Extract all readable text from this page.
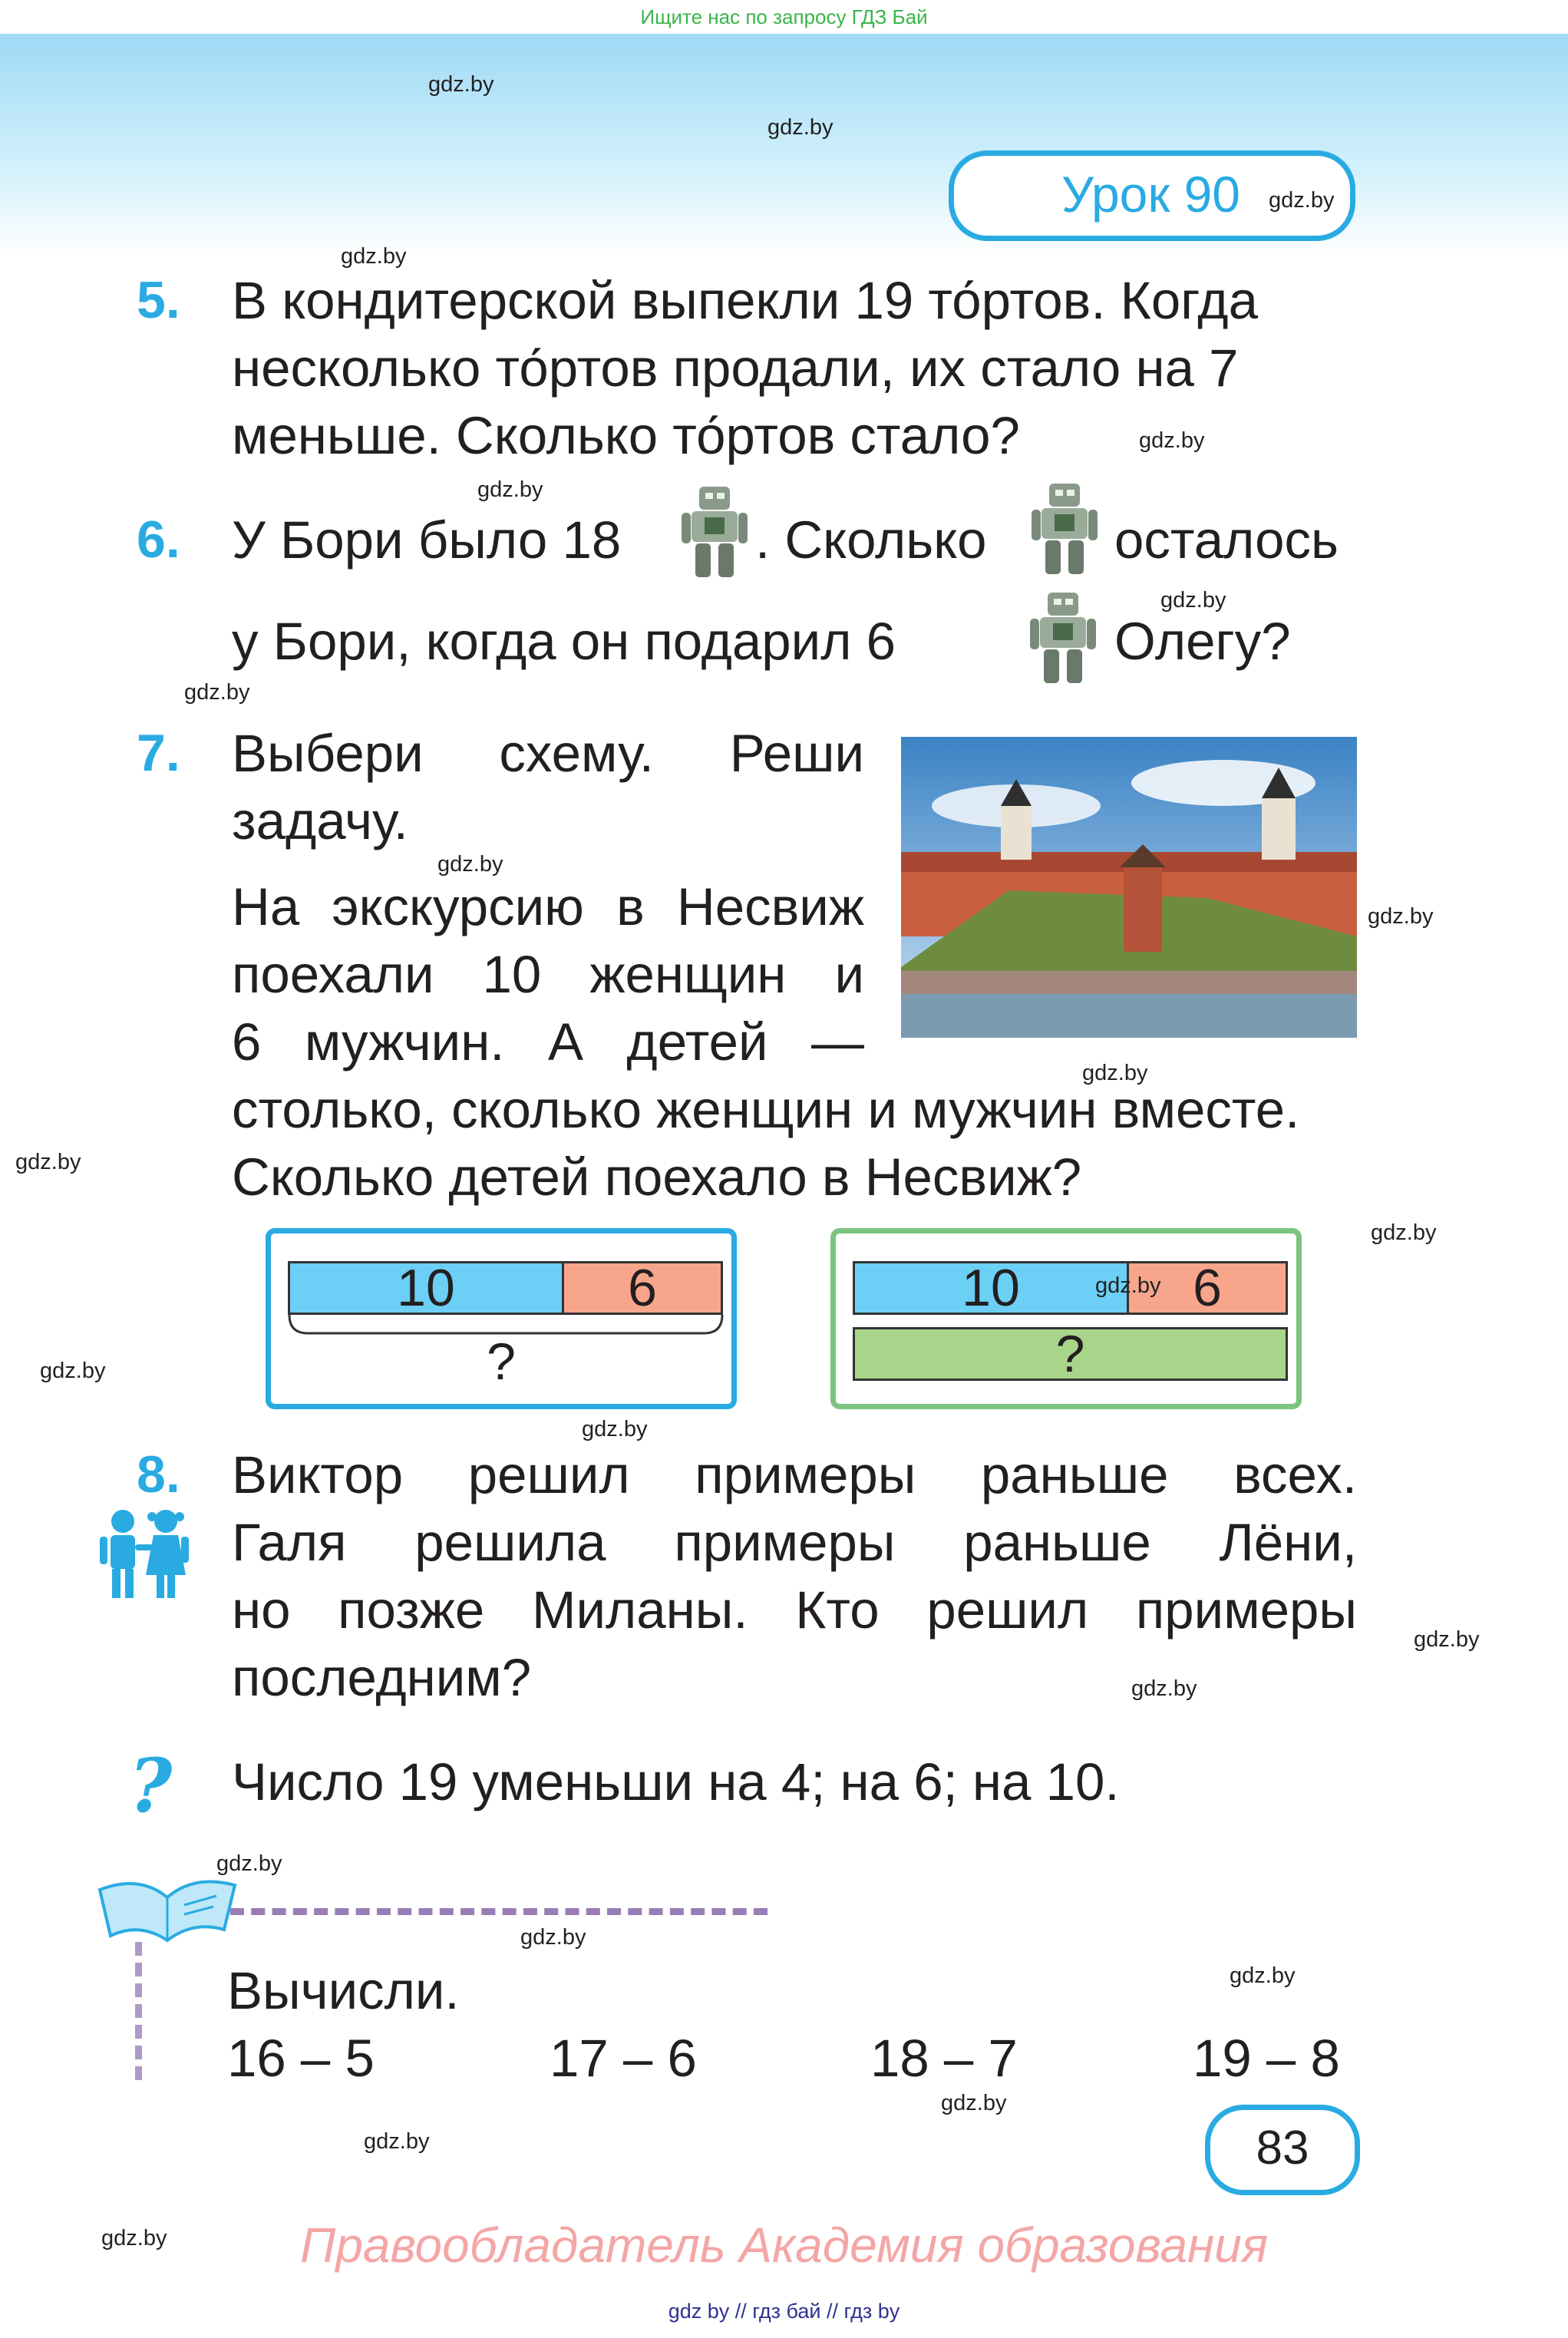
Ищите нас по запросу ГДЗ Бай
gdz.by
gdz.by
gdz.by
gdz.by
gdz.by
gdz.by
gdz.by
gdz.by
gdz.by
gdz.by
gdz.by
gdz.by
gdz.by
gdz.by
gdz.by
gdz.by
gdz.by
gdz.by
gdz.by
gdz.by
gdz.by
gdz.by
Урок 90 gdz.by
5. В кондитерской выпекли 19 то́ртов. Когда
несколько то́ртов продали, их стало на 7
меньше. Сколько то́ртов стало?
6. У Бори было 18	. Сколько осталось
у Бори, когда он подарил 6	Олегу?
7. Выбери схему. Реши
задачу.
На экскурсию в Несвиж
поехали 10 женщин и
6 мужчин. А детей —
столько, сколько женщин и мужчин вместе.
Сколько детей поехало в Несвиж?
10	6
?
10	6
gdz.by
?
8. Виктор решил примеры раньше всех.
Галя решила примеры раньше Лёни,
но позже Миланы. Кто решил примеры
последним?
? Число 19 уменьши на 4; на 6; на 10.
Вычисли.
16 – 5	17 – 6	18 – 7	19 – 8
83
Правообладатель Академия образования
gdz by // гдз бай // гдз by
